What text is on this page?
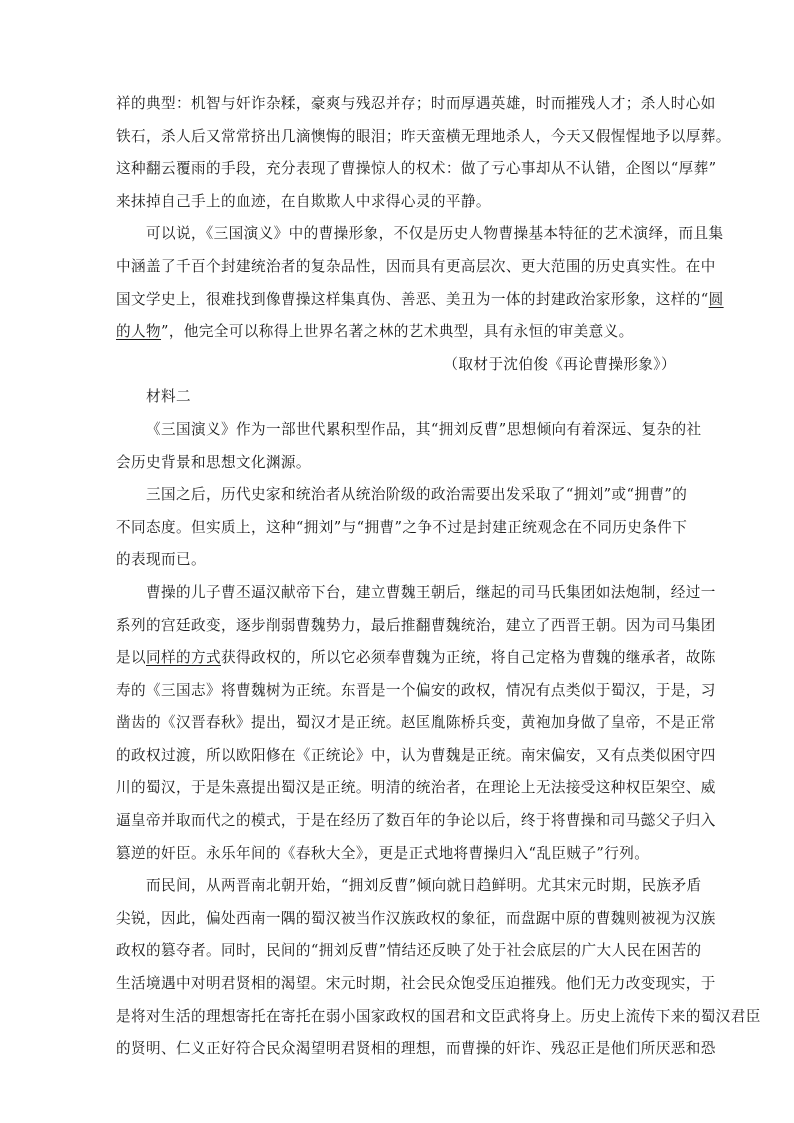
祥的典型：机智与奸诈杂糅，豪爽与残忍并存；时而厚遇英雄，时而摧残人才；杀人时心如
铁石，杀人后又常常挤出几滴懊悔的眼泪；昨天蛮横无理地杀人，今天又假惺惺地予以厚葬。
这种翻云覆雨的手段，充分表现了曹操惊人的权术：做了亏心事却从不认错，企图以“厚葬”
来抹掉自己手上的血迹，在自欺欺人中求得心灵的平静。
可以说，《三国演义》中的曹操形象，不仅是历史人物曹操基本特征的艺术演绎，而且集
中涵盖了千百个封建统治者的复杂品性，因而具有更高层次、更大范围的历史真实性。在中
国文学史上，很难找到像曹操这样集真伪、善恶、美丑为一体的封建政治家形象，这样的“圆
的人物”，他完全可以称得上世界名著之林的艺术典型，具有永恒的审美意义。
（取材于沈伯俊《再论曹操形象》）
材料二
《三国演义》作为一部世代累积型作品，其“拥刘反曹”思想倾向有着深远、复杂的社
会历史背景和思想文化渊源。
三国之后，历代史家和统治者从统治阶级的政治需要出发采取了“拥刘”或“拥曹”的
不同态度。但实质上，这种“拥刘”与“拥曹”之争不过是封建正统观念在不同历史条件下
的表现而已。
曹操的儿子曹丕逼汉献帝下台，建立曹魏王朝后，继起的司马氏集团如法炮制，经过一
系列的宫廷政变，逐步削弱曹魏势力，最后推翻曹魏统治，建立了西晋王朝。因为司马集团
是以同样的方式获得政权的，所以它必须奉曹魏为正统，将自己定格为曹魏的继承者，故陈
寿的《三国志》将曹魏树为正统。东晋是一个偏安的政权，情况有点类似于蜀汉，于是，习
凿齿的《汉晋春秋》提出，蜀汉才是正统。赵匡胤陈桥兵变，黄袍加身做了皇帝，不是正常
的政权过渡，所以欧阳修在《正统论》中，认为曹魏是正统。南宋偏安，又有点类似困守四
川的蜀汉，于是朱熹提出蜀汉是正统。明清的统治者，在理论上无法接受这种权臣架空、威
逼皇帝并取而代之的模式，于是在经历了数百年的争论以后，终于将曹操和司马懿父子归入
篡逆的奸臣。永乐年间的《春秋大全》，更是正式地将曹操归入“乱臣贼子”行列。
而民间，从两晋南北朝开始，“拥刘反曹”倾向就日趋鲜明。尤其宋元时期，民族矛盾
尖锐，因此，偏处西南一隅的蜀汉被当作汉族政权的象征，而盘踞中原的曹魏则被视为汉族
政权的篡夺者。同时，民间的“拥刘反曹”情结还反映了处于社会底层的广大人民在困苦的
生活境遇中对明君贤相的渴望。宋元时期，社会民众饱受压迫摧残。他们无力改变现实，于
是将对生活的理想寄托在寄托在弱小国家政权的国君和文臣武将身上。历史上流传下来的蜀汉君臣
的贤明、仁义正好符合民众渴望明君贤相的理想，而曹操的奸诈、残忍正是他们所厌恶和恐
